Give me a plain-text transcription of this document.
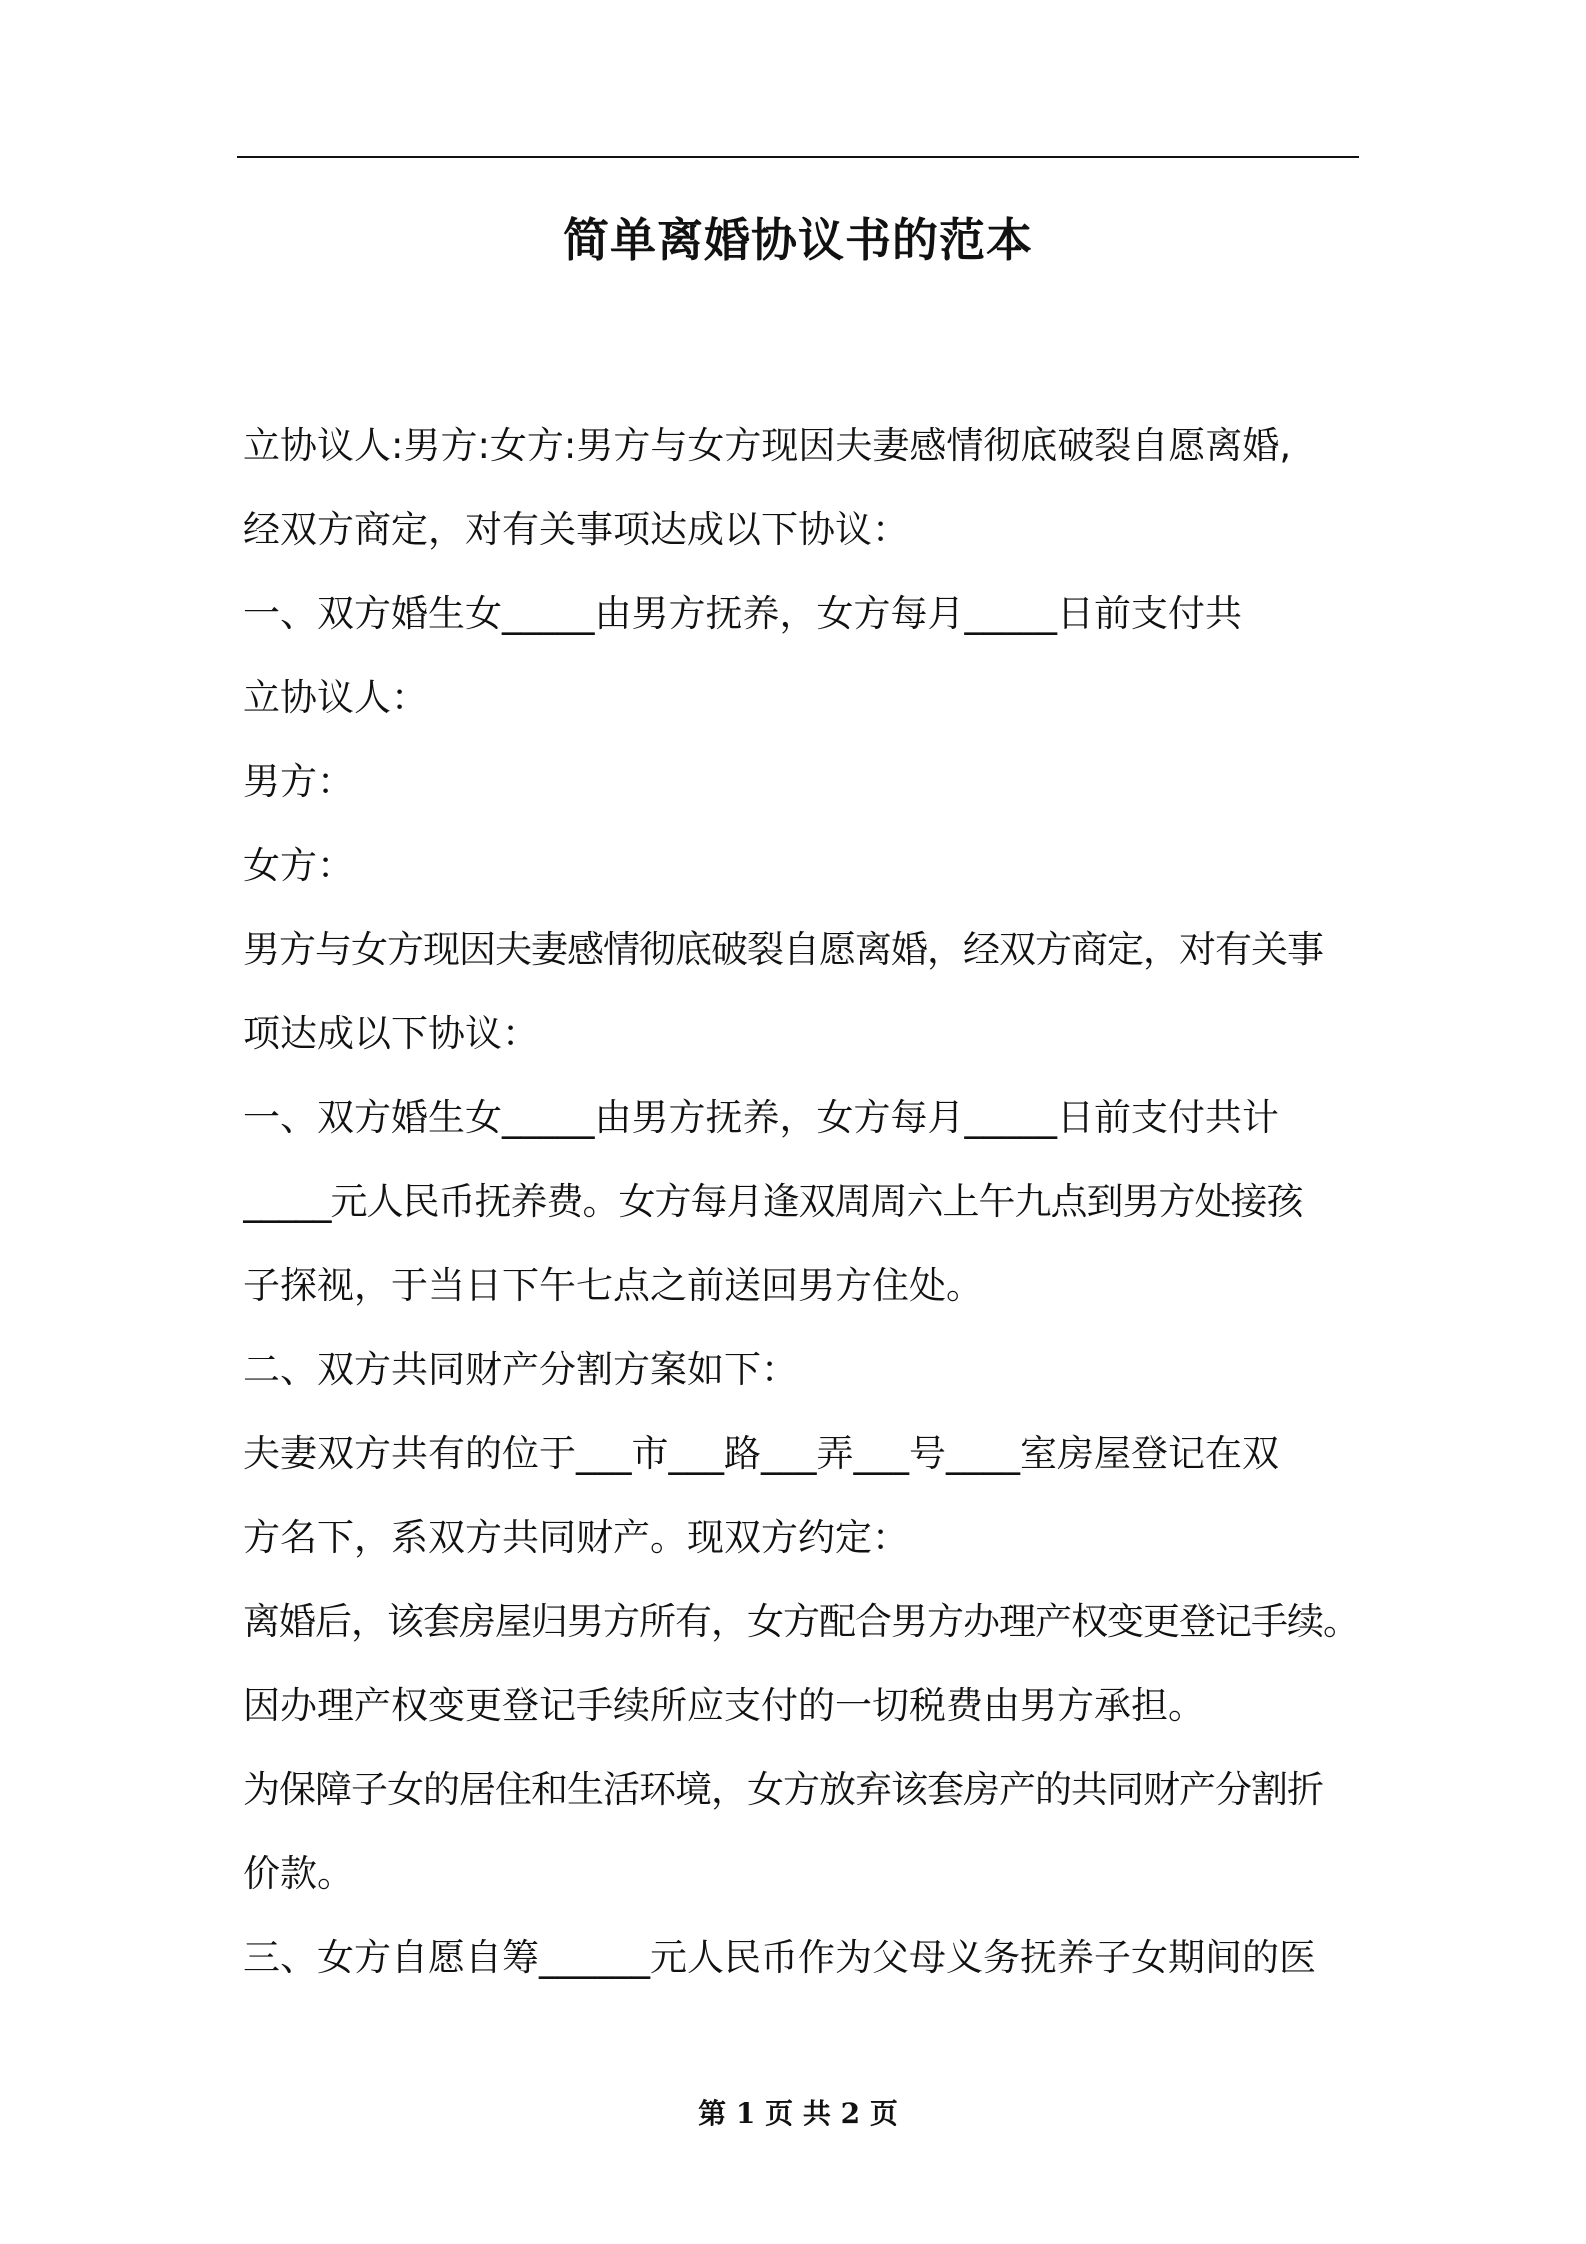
简单离婚协议书的范本
立协议人:男方:女方:男方与女方现因夫妻感情彻底破裂自愿离婚,
经双方商定，对有关事项达成以下协议：
一、双方婚生女_____由男方抚养，女方每月_____日前支付共
立协议人：
男方：
女方：
男方与女方现因夫妻感情彻底破裂自愿离婚，经双方商定，对有关事
项达成以下协议：
一、双方婚生女_____由男方抚养，女方每月_____日前支付共计
_____元人民币抚养费。女方每月逢双周周六上午九点到男方处接孩
子探视，于当日下午七点之前送回男方住处。
二、双方共同财产分割方案如下：
夫妻双方共有的位于___市___路___弄___号____室房屋登记在双
方名下，系双方共同财产。现双方约定：
离婚后，该套房屋归男方所有，女方配合男方办理产权变更登记手续。
因办理产权变更登记手续所应支付的一切税费由男方承担。
为保障子女的居住和生活环境，女方放弃该套房产的共同财产分割折
价款。
三、女方自愿自筹______元人民币作为父母义务抚养子女期间的医
第 1 页 共 2 页
